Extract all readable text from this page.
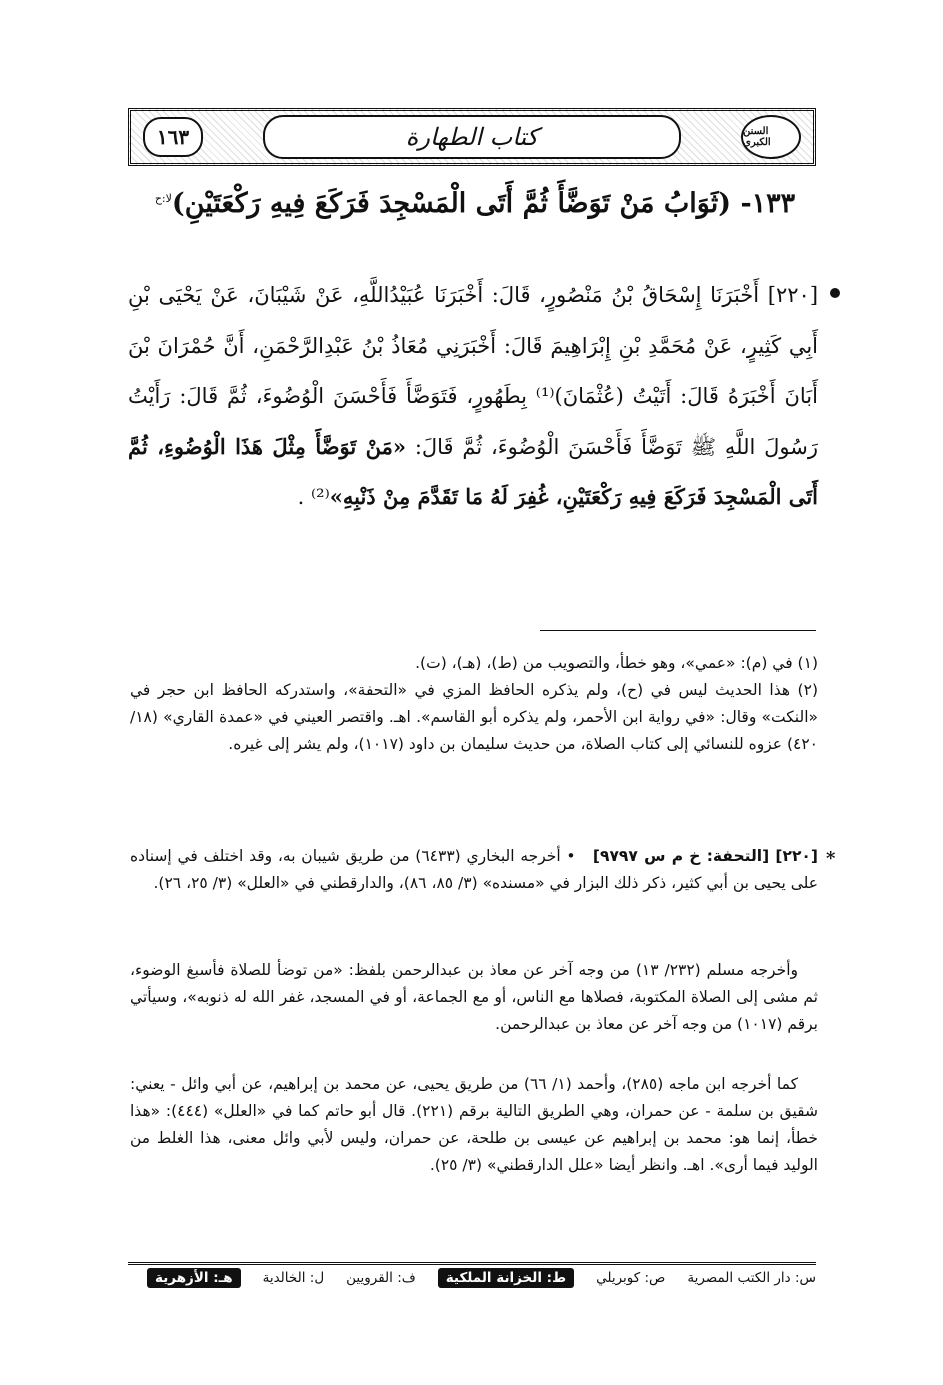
١٦٣	كتاب الطهارة	السنن الكبرى
١٣٣- (ثَوَابُ مَنْ تَوَضَّأَ ثُمَّ أَتَى الْمَسْجِدَ فَرَكَعَ فِيهِ رَكْعَتَيْنِ)$^{لا:ح}$
[٢٢٠] أَخْبَرَنَا إِسْحَاقُ بْنُ مَنْصُورٍ، قَالَ: أَخْبَرَنَا عُبَيْدُاللَّهِ، عَنْ شَيْبَانَ، عَنْ يَحْيَى بْنِ أَبِي كَثِيرٍ، عَنْ مُحَمَّدِ بْنِ إِبْرَاهِيمَ قَالَ: أَخْبَرَنِي مُعَاذُ بْنُ عَبْدِالرَّحْمَنِ، أَنَّ حُمْرَانَ بْنَ أَبَانَ أَخْبَرَهُ قَالَ: أَتَيْتُ (عُثْمَانَ)⁽¹⁾ بِطَهُورٍ، فَتَوَضَّأَ فَأَحْسَنَ الْوُضُوءَ، ثُمَّ قَالَ: رَأَيْتُ رَسُولَ اللَّهِ ﷺ تَوَضَّأَ فَأَحْسَنَ الْوُضُوءَ، ثُمَّ قَالَ: «مَنْ تَوَضَّأَ مِثْلَ هَذَا الْوُضُوءِ، ثُمَّ أَتَى الْمَسْجِدَ فَرَكَعَ فِيهِ رَكْعَتَيْنِ، غُفِرَ لَهُ مَا تَقَدَّمَ مِنْ ذَنْبِهِ»⁽²⁾ .
(١) في (م): «عمي»، وهو خطأ، والتصويب من (ط)، (هـ)، (ت).
(٢) هذا الحديث ليس في (ح)، ولم يذكره الحافظ المزي في «التحفة»، واستدركه الحافظ ابن حجر في «النكت» وقال: «في رواية ابن الأحمر، ولم يذكره أبو القاسم». اهـ. واقتصر العيني في «عمدة القاري» (١٨/ ٤٢٠) عزوه للنسائي إلى كتاب الصلاة، من حديث سليمان بن داود (١٠١٧)، ولم يشر إلى غيره.
*
[٢٢٠] [التحفة: خ م س ٩٧٩٧]   • أخرجه البخاري (٦٤٣٣) من طريق شيبان به، وقد اختلف في إسناده على يحيى بن أبي كثير، ذكر ذلك البزار في «مسنده» (٣/ ٨٥، ٨٦)، والدارقطني في «العلل» (٣/ ٢٥، ٢٦).
وأخرجه مسلم (٢٣٢/ ١٣) من وجه آخر عن معاذ بن عبدالرحمن بلفظ: «من توضأ للصلاة فأسبغ الوضوء، ثم مشى إلى الصلاة المكتوبة، فصلاها مع الناس، أو مع الجماعة، أو في المسجد، غفر الله له ذنوبه»، وسيأتي برقم (١٠١٧) من وجه آخر عن معاذ بن عبدالرحمن.
كما أخرجه ابن ماجه (٢٨٥)، وأحمد (١/ ٦٦) من طريق يحيى، عن محمد بن إبراهيم، عن أبي وائل - يعني: شقيق بن سلمة - عن حمران، وهي الطريق التالية برقم (٢٢١). قال أبو حاتم كما في «العلل» (٤٤٤): «هذا خطأ، إنما هو: محمد بن إبراهيم عن عيسى بن طلحة، عن حمران، وليس لأبي وائل معنى، هذا الغلط من الوليد فيما أرى». اهـ. وانظر أيضا «علل الدارقطني» (٣/ ٢٥).
س: دار الكتب المصرية
ص: كوبريلي
ط: الخزانة الملكية
ف: القرويين
ل: الخالدية
هـ: الأزهرية
